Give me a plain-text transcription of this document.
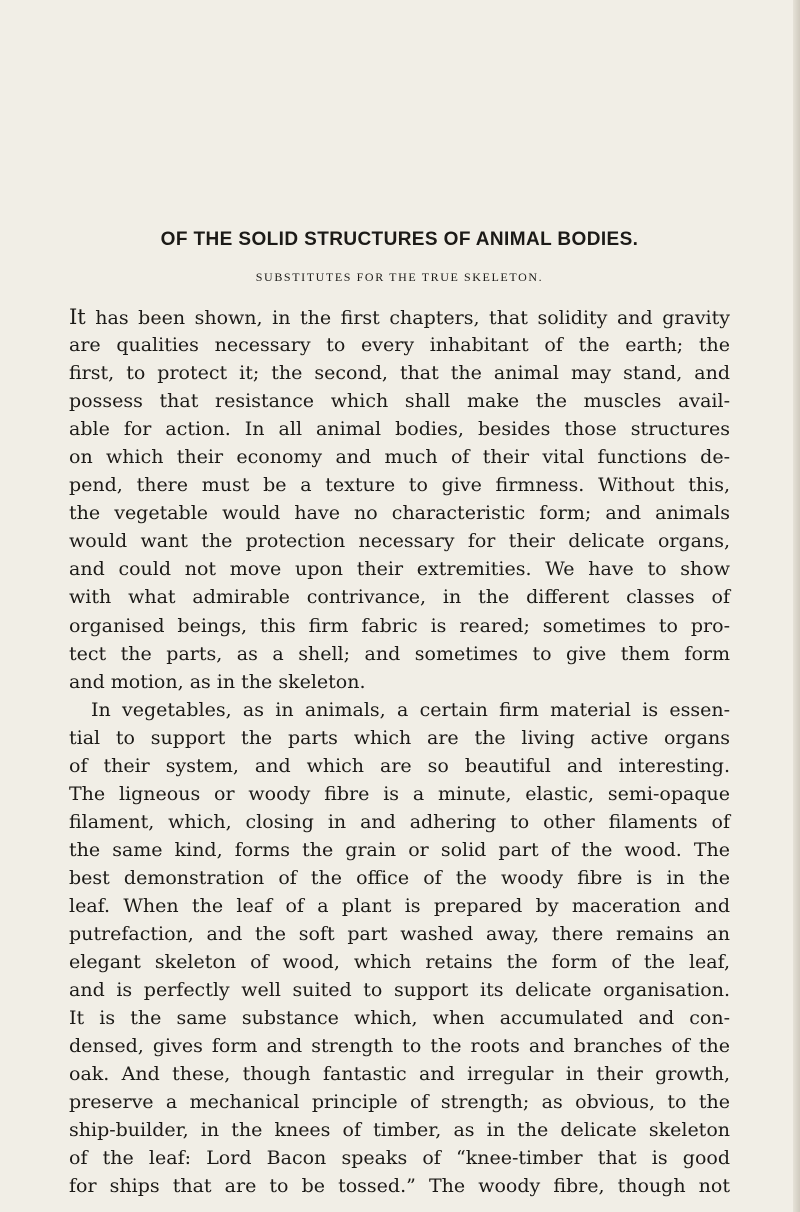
OF THE SOLID STRUCTURES OF ANIMAL BODIES.
SUBSTITUTES FOR THE TRUE SKELETON.
It has been shown, in the first chapters, that solidity and gravity
are qualities necessary to every inhabitant of the earth; the
first, to protect it; the second, that the animal may stand, and
possess that resistance which shall make the muscles avail-
able for action. In all animal bodies, besides those structures
on which their economy and much of their vital functions de-
pend, there must be a texture to give firmness. Without this,
the vegetable would have no characteristic form; and animals
would want the protection necessary for their delicate organs,
and could not move upon their extremities. We have to show
with what admirable contrivance, in the different classes of
organised beings, this firm fabric is reared; sometimes to pro-
tect the parts, as a shell; and sometimes to give them form
and motion, as in the skeleton.
In vegetables, as in animals, a certain firm material is essen-
tial to support the parts which are the living active organs
of their system, and which are so beautiful and interesting.
The ligneous or woody fibre is a minute, elastic, semi-opaque
filament, which, closing in and adhering to other filaments of
the same kind, forms the grain or solid part of the wood. The
best demonstration of the office of the woody fibre is in the
leaf. When the leaf of a plant is prepared by maceration and
putrefaction, and the soft part washed away, there remains an
elegant skeleton of wood, which retains the form of the leaf,
and is perfectly well suited to support its delicate organisation.
It is the same substance which, when accumulated and con-
densed, gives form and strength to the roots and branches of the
oak. And these, though fantastic and irregular in their growth,
preserve a mechanical principle of strength; as obvious, to the
ship-builder, in the knees of timber, as in the delicate skeleton
of the leaf: Lord Bacon speaks of “knee-timber that is good
for ships that are to be tossed.” The woody fibre, though not
